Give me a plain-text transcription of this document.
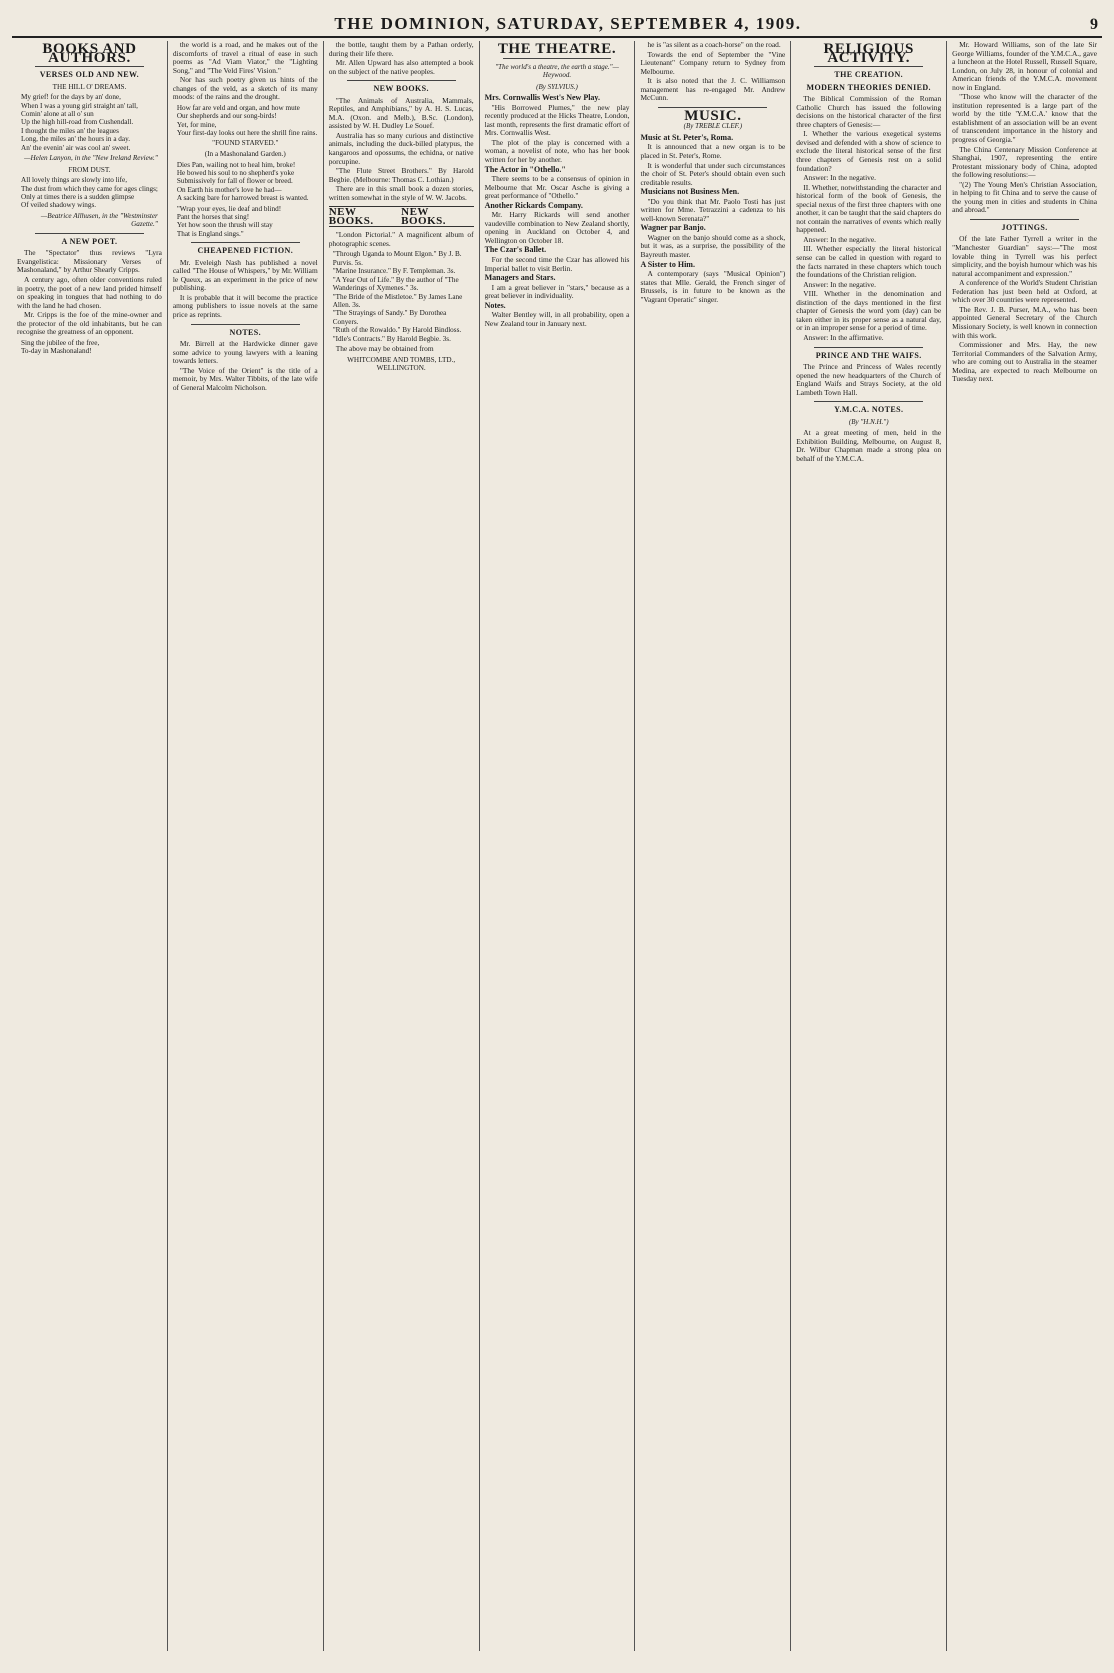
THE DOMINION, SATURDAY, SEPTEMBER 4, 1909.	9
BOOKS AND AUTHORS.
VERSES OLD AND NEW.
THE HILL O' DREAMS.
My grief! for the days by an' done,
When I was a young girl straight an' tall,
Comin' alone at all o' sun
Up the high hill-road from Cushendall.
I thought the miles an' the leagues
Long, the miles an' the hours in a day.
An' the evenin' air was cool an' sweet.
—Helen Lanyon, in the "New Ireland Review."
FROM DUST.
All lovely things are slowly into life,
The dust from which they came for ages clings;
Only at times there is a sudden glimpse
Of veiled shadowy wings.
—Beatrice Allhusen, in the "Westminster Gazette."
A NEW POET.

The "Spectator" thus reviews "Lyra Evangelistica: Missionary Verses of Mashonaland," by Arthur Shearly Cripps.

A century ago, often older conventions ruled in poetry, the poet of a new land prided himself on speaking in tongues that had nothing to do with the land he had chosen.

Mr. Cripps is the foe of the mine-owner and the protector of the old inhabitants, but he can recognise the greatness of an opponent.

Sing the jubilee of the free,
To-day in Mashonaland!

the world is a road, and he makes out of the discomforts of travel a ritual of ease in such poems as "Ad Viam Viator," the "Lighting Song," and "The Veld Fires' Vision."

Nor has such poetry given us hints of the changes of the veld, as a sketch of its many moods: of the rains and the drought.

How far are veld and organ, and how mute
Our shepherds and our song-birds!
Yet, for mine,
Your first-day looks out here the shrill fine rains.
"FOUND STARVED."
(In a Mashonaland Garden.)
Dies Pan, wailing not to heal him, broke!
He bowed his soul to no shepherd's yoke
Submissively for fall of flower or breed.
On Earth his mother's love he had—
A sacking bare for harrowed breast is wanted.
"Wrap your eyes, lie deaf and blind!
Pant the horses that sing!
Yet how soon the thrush will stay
That is England sings."
CHEAPENED FICTION.

Mr. Eveleigh Nash has published a novel called "The House of Whispers," by Mr. William le Queux, as an experiment in the price of new publishing.

It is probable that it will become the practice among publishers to issue novels at the same price as reprints.

NOTES.

Mr. Birrell at the Hardwicke dinner gave some advice to young lawyers with a leaning towards letters.

"The Voice of the Orient" is the title of a memoir, by Mrs. Walter Tibbits, of the late wife of General Malcolm Nicholson.

the bottle, taught them by a Pathan orderly, during their life there.

Mr. Allen Upward has also attempted a book on the subject of the native peoples.

NEW BOOKS.

"The Animals of Australia, Mammals, Reptiles, and Amphibians," by A. H. S. Lucas, M.A. (Oxon. and Melb.), B.Sc. (London), assisted by W. H. Dudley Le Souef.

Australia has so many curious and distinctive animals, including the duck-billed platypus, the kangaroos and opossums, the echidna, or native porcupine.

"The Flute Street Brothers." By Harold Begbie. (Melbourne: Thomas C. Lothian.)

There are in this small book a dozen stories, written somewhat in the style of W. W. Jacobs.

NEW BOOKS.
NEW BOOKS.

"London Pictorial." A magnificent album of photographic scenes.

"Through Uganda to Mount Elgon." By J. B. Purvis. 5s.
"Marine Insurance." By F. Templeman. 3s.
"A Year Out of Life." By the author of "The Wanderings of Xymenes." 3s.
"The Bride of the Mistletoe." By James Lane Allen. 3s.
"The Strayings of Sandy." By Dorothea Conyers.
"Ruth of the Rowaldo." By Harold Bindloss.
"Idle's Contracts." By Harold Begbie. 3s.

The above may be obtained from

WHITCOMBE AND TOMBS, LTD., WELLINGTON.
THE THEATRE.
"The world's a theatre, the earth a stage."—Heywood.
(By SYLVIUS.)

Mrs. Cornwallis West's New Play.

"His Borrowed Plumes," the new play recently produced at the Hicks Theatre, London, last month, represents the first dramatic effort of Mrs. Cornwallis West.

The plot of the play is concerned with a woman, a novelist of note, who has her book written for her by another.

The Actor in "Othello."

There seems to be a consensus of opinion in Melbourne that Mr. Oscar Asche is giving a great performance of "Othello."

Another Rickards Company.

Mr. Harry Rickards will send another vaudeville combination to New Zealand shortly, opening in Auckland on October 4, and Wellington on October 18.

The Czar's Ballet.

For the second time the Czar has allowed his Imperial ballet to visit Berlin.

Managers and Stars.

I am a great believer in "stars," because as a great believer in individuality.

Notes.

Walter Bentley will, in all probability, open a New Zealand tour in January next.

he is "as silent as a coach-horse" on the road.

Towards the end of September the "Vine Lieutenant" Company return to Sydney from Melbourne.

It is also noted that the J. C. Williamson management has re-engaged Mr. Andrew McCunn.

MUSIC.
(By TREBLE CLEF.)

Music at St. Peter's, Roma.

It is announced that a new organ is to be placed in St. Peter's, Rome.

It is wonderful that under such circumstances the choir of St. Peter's should obtain even such creditable results.

Musicians not Business Men.

"Do you think that Mr. Paolo Tosti has just written for Mme. Tetrazzini a cadenza to his well-known Serenata?"

Wagner par Banjo.

Wagner on the banjo should come as a shock, but it was, as a surprise, the possibility of the Bayreuth master.

A Sister to Him.

A contemporary (says "Musical Opinion") states that Mlle. Gerald, the French singer of Brussels, is in future to be known as the "Vagrant Operatic" singer.

RELIGIOUS ACTIVITY.
THE CREATION.
MODERN THEORIES DENIED.

The Biblical Commission of the Roman Catholic Church has issued the following decisions on the historical character of the first three chapters of Genesis:—

I. Whether the various exegetical systems devised and defended with a show of science to exclude the literal historical sense of the first three chapters of Genesis rest on a solid foundation?

Answer: In the negative.

II. Whether, notwithstanding the character and historical form of the book of Genesis, the special nexus of the first three chapters with one another, it can be taught that the said chapters do not contain the narratives of events which really happened.

Answer: In the negative.

III. Whether especially the literal historical sense can be called in question with regard to the facts narrated in these chapters which touch the foundations of the Christian religion.

Answer: In the negative.

VIII. Whether in the denomination and distinction of the days mentioned in the first chapter of Genesis the word yom (day) can be taken either in its proper sense as a natural day, or in an improper sense for a period of time.

Answer: In the affirmative.

PRINCE AND THE WAIFS.

The Prince and Princess of Wales recently opened the new headquarters of the Church of England Waifs and Strays Society, at the old Lambeth Town Hall.

Y.M.C.A. NOTES.
(By "H.N.H.")

At a great meeting of men, held in the Exhibition Building, Melbourne, on August 8, Dr. Wilbur Chapman made a strong plea on behalf of the Y.M.C.A.

Mr. Howard Williams, son of the late Sir George Williams, founder of the Y.M.C.A., gave a luncheon at the Hotel Russell, Russell Square, London, on July 28, in honour of colonial and American friends of the Y.M.C.A. movement now in England.

"Those who know will the character of the institution represented is a large part of the world by the title 'Y.M.C.A.' know that the establishment of an association will be an event of transcendent importance in the history and progress of Georgia."

The China Centenary Mission Conference at Shanghai, 1907, representing the entire Protestant missionary body of China, adopted the following resolutions:—

"(2) The Young Men's Christian Association, in helping to fit China and to serve the cause of the young men in cities and students in China and abroad."

JOTTINGS.

Of the late Father Tyrrell a writer in the "Manchester Guardian" says:—"The most lovable thing in Tyrrell was his perfect simplicity, and the boyish humour which was his natural accompaniment and expression."

A conference of the World's Student Christian Federation has just been held at Oxford, at which over 30 countries were represented.

The Rev. J. B. Purser, M.A., who has been appointed General Secretary of the Church Missionary Society, is well known in connection with this work.

Commissioner and Mrs. Hay, the new Territorial Commanders of the Salvation Army, who are coming out to Australia in the steamer Medina, are expected to reach Melbourne on Tuesday next.
